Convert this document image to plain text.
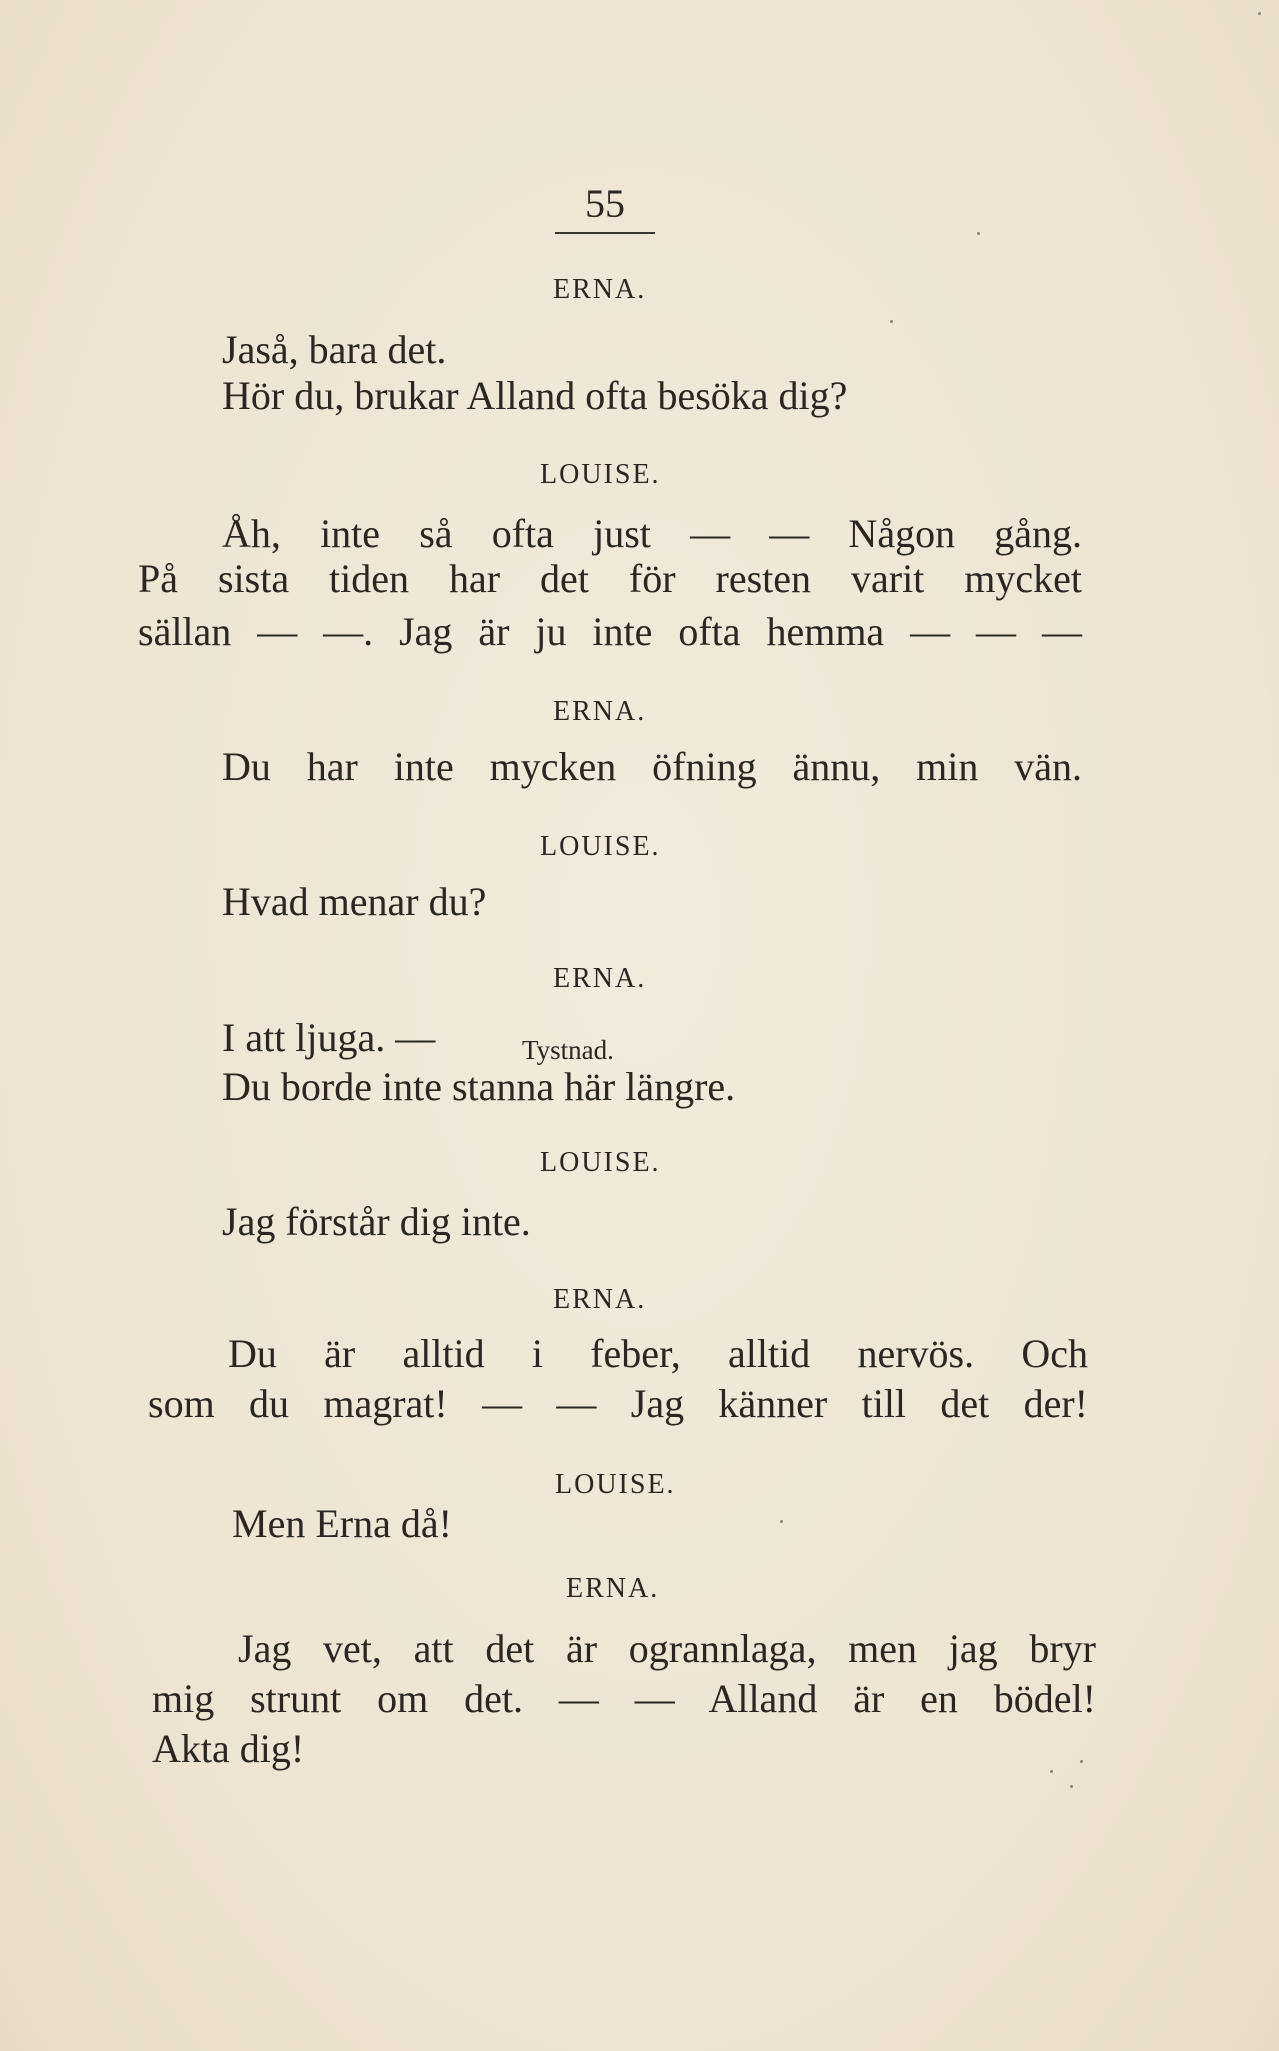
55
ERNA.
Jaså, bara det.
Hör du, brukar Alland ofta besöka dig?
LOUISE.
Åh, inte så ofta just — — Någon gång.
På sista tiden har det för resten varit mycket
sällan — —. Jag är ju inte ofta hemma — — —
ERNA.
Du har inte mycken öfning ännu, min vän.
LOUISE.
Hvad menar du?
ERNA.
I att ljuga. —	Tystnad.
Du borde inte stanna här längre.
LOUISE.
Jag förstår dig inte.
ERNA.
Du är alltid i feber, alltid nervös. Och
som du magrat! — — Jag känner till det der!
LOUISE.
Men Erna då!
ERNA.
Jag vet, att det är ogrannlaga, men jag bryr
mig strunt om det. — — Alland är en bödel!
Akta dig!
